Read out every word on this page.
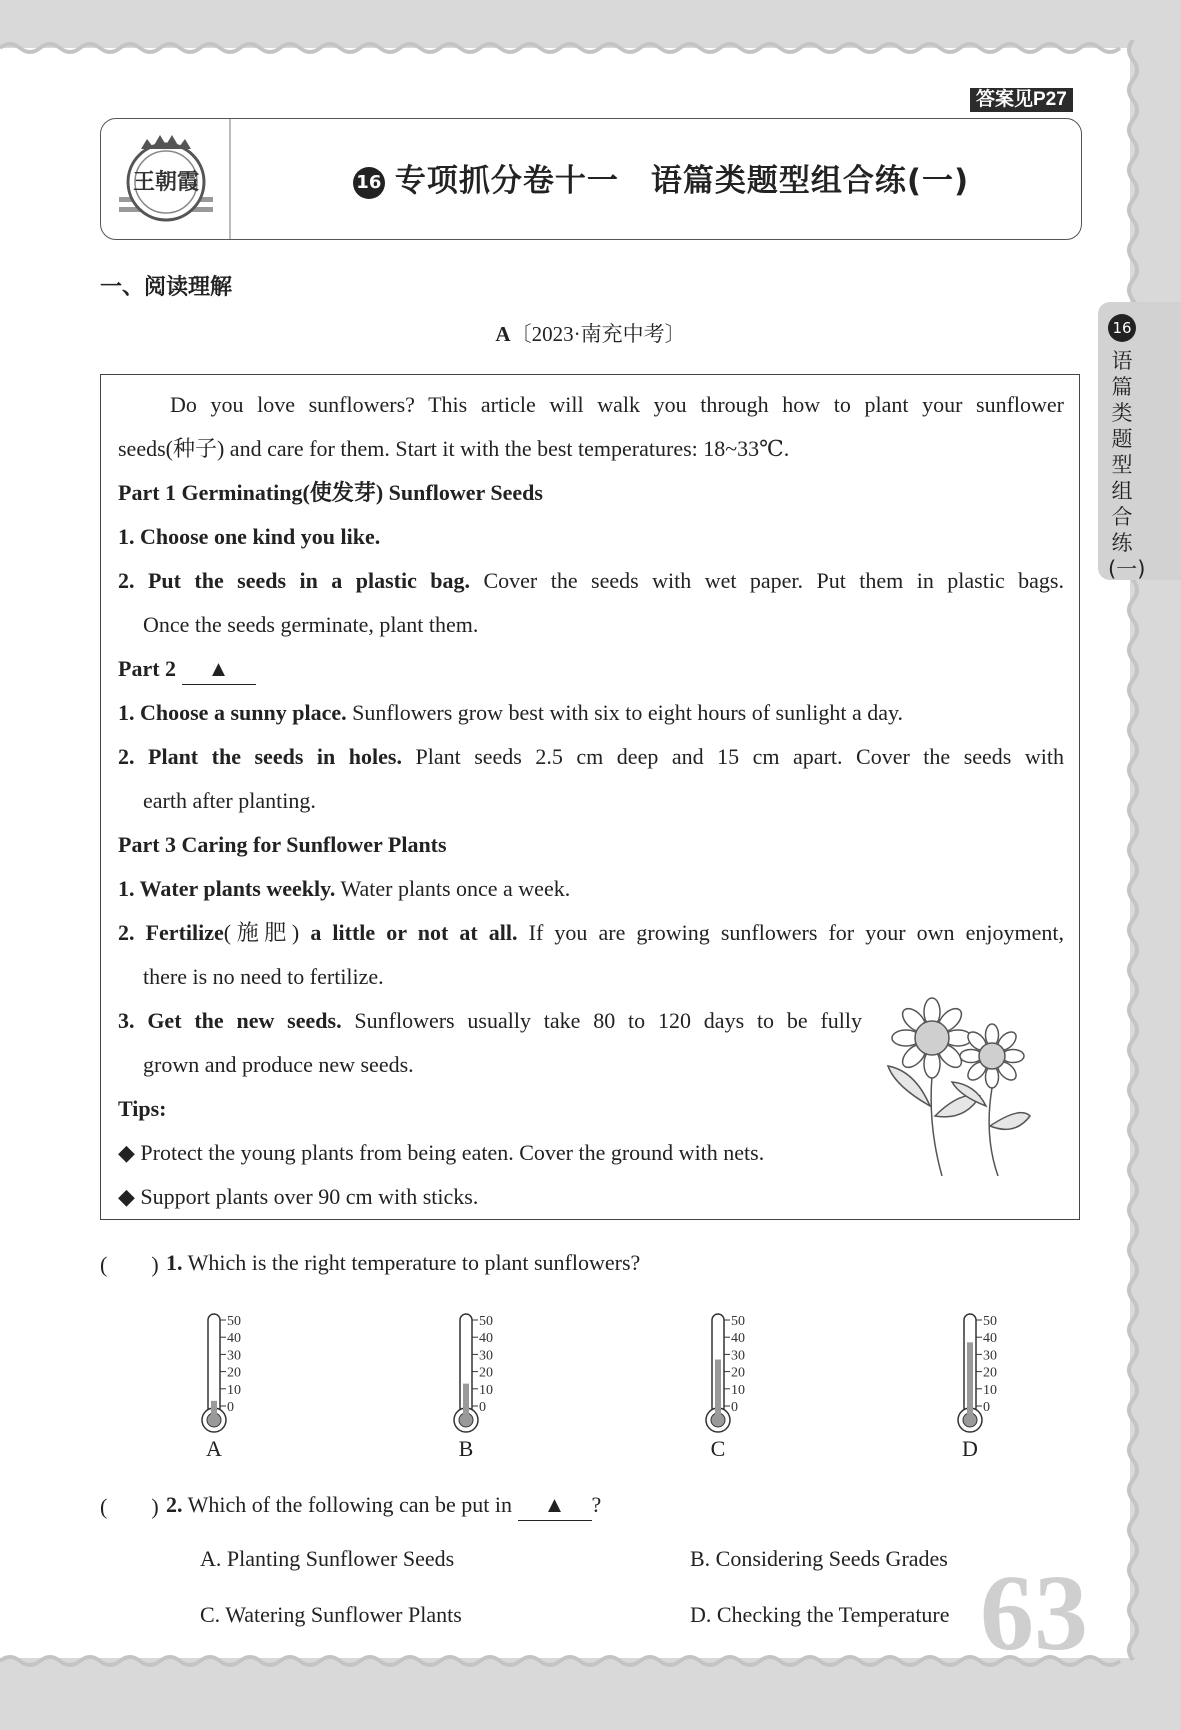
答案见P27
王朝霞	16 专项抓分卷十一　语篇类题型组合练(一)
16
语篇类题型组合练(一)
一、阅读理解
A〔2023·南充中考〕
Do you love sunflowers? This article will walk you through how to plant your sunflower
seeds(种子) and care for them. Start it with the best temperatures: 18~33℃.
Part 1 Germinating(使发芽) Sunflower Seeds
1. Choose one kind you like.
2. Put the seeds in a plastic bag. Cover the seeds with wet paper. Put them in plastic bags.
Once the seeds germinate, plant them.
Part 2 ▲
1. Choose a sunny place. Sunflowers grow best with six to eight hours of sunlight a day.
2. Plant the seeds in holes. Plant seeds 2.5 cm deep and 15 cm apart. Cover the seeds with
earth after planting.
Part 3 Caring for Sunflower Plants
1. Water plants weekly. Water plants once a week.
2. Fertilize(施肥) a little or not at all. If you are growing sunflowers for your own enjoyment,
there is no need to fertilize.
3. Get the new seeds. Sunflowers usually take 80 to 120 days to be fully
grown and produce new seeds.
Tips:
◆ Protect the young plants from being eaten. Cover the ground with nets.
◆ Support plants over 90 cm with sticks.
(　　) 1. Which is the right temperature to plant sunflowers?
50
40
30
20
10
0
A
50
40
30
20
10
0
B
50
40
30
20
10
0
C
50
40
30
20
10
0
D
(　　) 2. Which of the following can be put in ▲ ?
A. Planting Sunflower Seeds	B. Considering Seeds Grades
C. Watering Sunflower Plants	D. Checking the Temperature 63
